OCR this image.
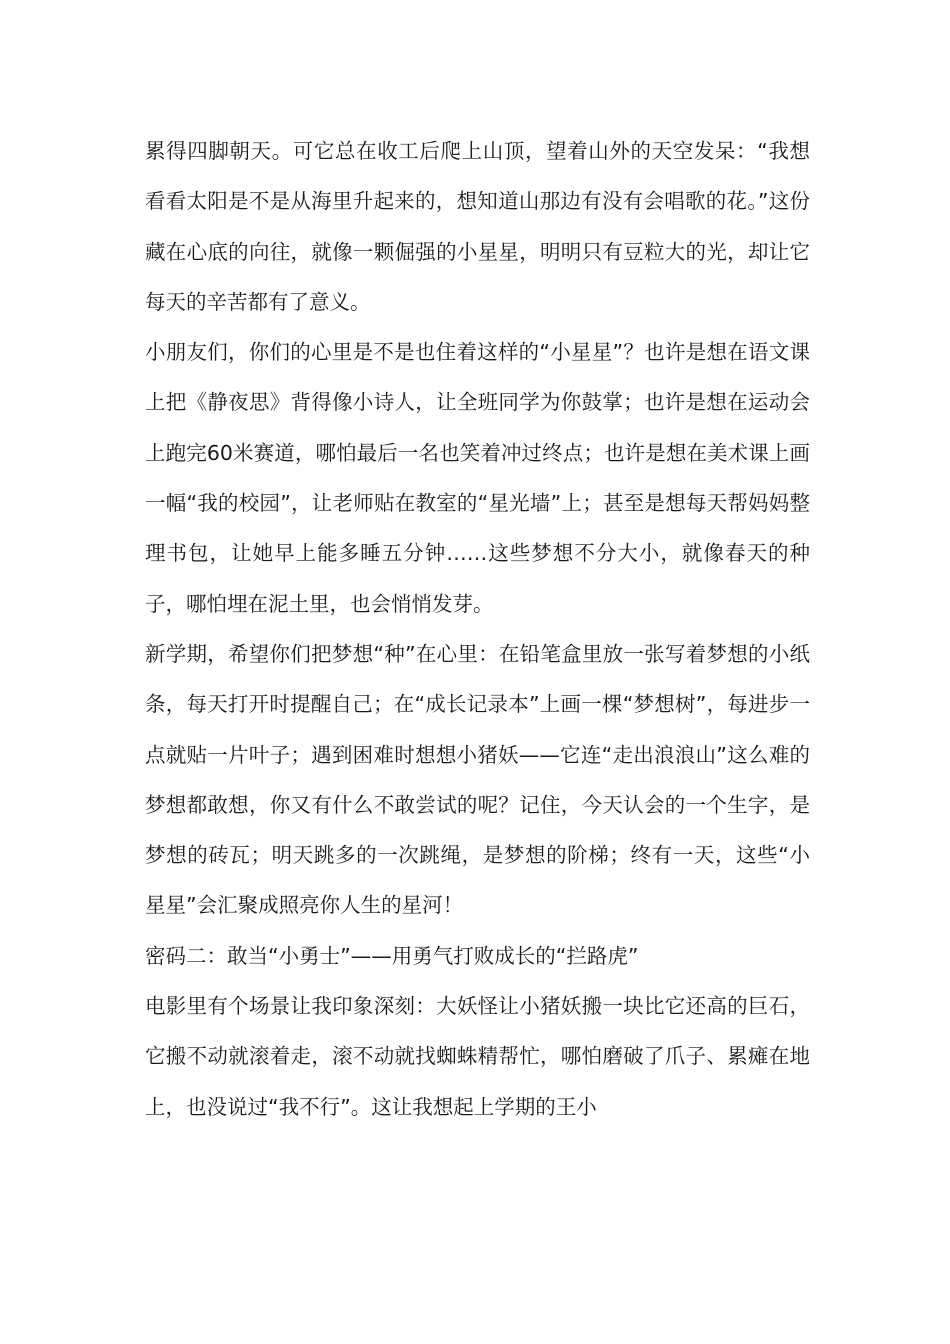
累得四脚朝天。可它总在收工后爬上山顶，望着山外的天空发呆：“我想看看太阳是不是从海里升起来的，想知道山那边有没有会唱歌的花。”这份藏在心底的向往，就像一颗倔强的小星星，明明只有豆粒大的光，却让它每天的辛苦都有了意义。

小朋友们，你们的心里是不是也住着这样的“小星星”？也许是想在语文课上把《静夜思》背得像小诗人，让全班同学为你鼓掌；也许是想在运动会上跑完60米赛道，哪怕最后一名也笑着冲过终点；也许是想在美术课上画一幅“我的校园”，让老师贴在教室的“星光墙”上；甚至是想每天帮妈妈整理书包，让她早上能多睡五分钟……这些梦想不分大小，就像春天的种子，哪怕埋在泥土里，也会悄悄发芽。

新学期，希望你们把梦想“种”在心里：在铅笔盒里放一张写着梦想的小纸条，每天打开时提醒自己；在“成长记录本”上画一棵“梦想树”，每进步一点就贴一片叶子；遇到困难时想想小猪妖——它连“走出浪浪山”这么难的梦想都敢想，你又有什么不敢尝试的呢？记住，今天认会的一个生字，是梦想的砖瓦；明天跳多的一次跳绳，是梦想的阶梯；终有一天，这些“小星星”会汇聚成照亮你人生的星河！

密码二：敢当“小勇士”——用勇气打败成长的“拦路虎”

电影里有个场景让我印象深刻：大妖怪让小猪妖搬一块比它还高的巨石，它搬不动就滚着走，滚不动就找蜘蛛精帮忙，哪怕磨破了爪子、累瘫在地上，也没说过“我不行”。这让我想起上学期的王小
